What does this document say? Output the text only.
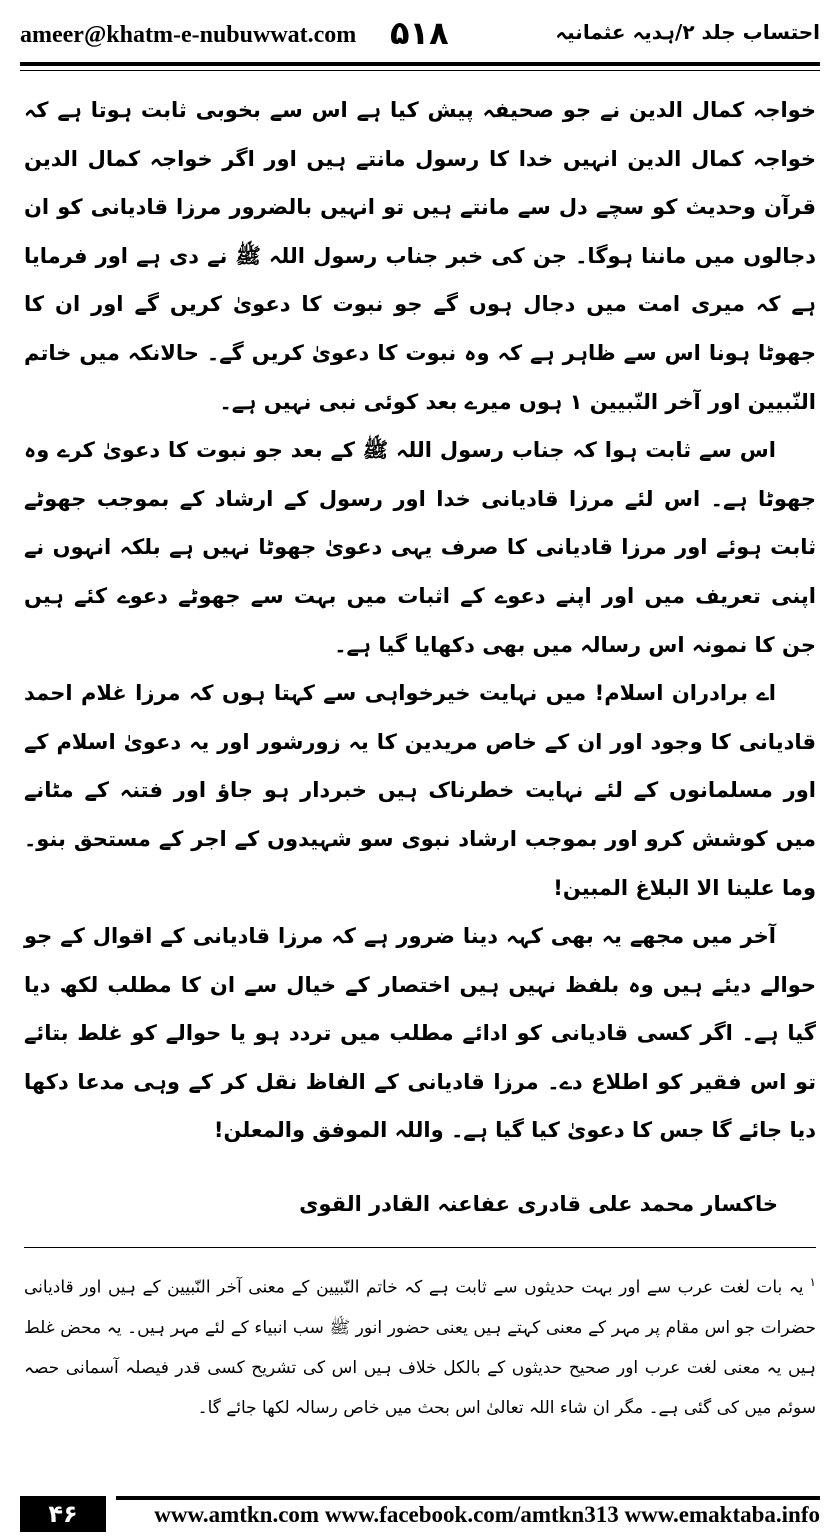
ameer@khatm-e-nubuwwat.com ۵۱۸	احتساب جلد ۲/ہدیہ عثمانیہ

خواجہ کمال الدین نے جو صحیفہ پیش کیا ہے اس سے بخوبی ثابت ہوتا ہے کہ خواجہ کمال الدین انہیں خدا کا رسول مانتے ہیں اور اگر خواجہ کمال الدین قرآن وحدیث کو سچے دل سے مانتے ہیں تو انہیں بالضرور مرزا قادیانی کو ان دجالوں میں ماننا ہوگا۔ جن کی خبر جناب رسول اللہ ﷺ نے دی ہے اور فرمایا ہے کہ میری امت میں دجال ہوں گے جو نبوت کا دعویٰ کریں گے اور ان کا جھوٹا ہونا اس سے ظاہر ہے کہ وہ نبوت کا دعویٰ کریں گے۔ حالانکہ میں خاتم النّبیین اور آخر النّبیین ۱ ہوں میرے بعد کوئی نبی نہیں ہے۔

اس سے ثابت ہوا کہ جناب رسول اللہ ﷺ کے بعد جو نبوت کا دعویٰ کرے وہ جھوٹا ہے۔ اس لئے مرزا قادیانی خدا اور رسول کے ارشاد کے بموجب جھوٹے ثابت ہوئے اور مرزا قادیانی کا صرف یہی دعویٰ جھوٹا نہیں ہے بلکہ انہوں نے اپنی تعریف میں اور اپنے دعوے کے اثبات میں بہت سے جھوٹے دعوے کئے ہیں جن کا نمونہ اس رسالہ میں بھی دکھایا گیا ہے۔

اے برادران اسلام! میں نہایت خیرخواہی سے کہتا ہوں کہ مرزا غلام احمد قادیانی کا وجود اور ان کے خاص مریدین کا یہ زورشور اور یہ دعویٰ اسلام کے اور مسلمانوں کے لئے نہایت خطرناک ہیں خبردار ہو جاؤ اور فتنہ کے مٹانے میں کوشش کرو اور بموجب ارشاد نبوی سو شہیدوں کے اجر کے مستحق بنو۔ وما علینا الا البلاغ المبین!

آخر میں مجھے یہ بھی کہہ دینا ضرور ہے کہ مرزا قادیانی کے اقوال کے جو حوالے دیئے ہیں وہ بلفظ نہیں ہیں اختصار کے خیال سے ان کا مطلب لکھ دیا گیا ہے۔ اگر کسی قادیانی کو ادائے مطلب میں تردد ہو یا حوالے کو غلط بتائے تو اس فقیر کو اطلاع دے۔ مرزا قادیانی کے الفاظ نقل کر کے وہی مدعا دکھا دیا جائے گا جس کا دعویٰ کیا گیا ہے۔ واللہ الموفق والمعلن!

خاکسار محمد علی قادری عفاعنہ القادر القوی

$^۱$یہ بات لغت عرب سے اور بہت حدیثوں سے ثابت ہے کہ خاتم النّبیین کے معنی آخر النّبیین کے ہیں اور قادیانی حضرات جو اس مقام پر مہر کے معنی کہتے ہیں یعنی حضور انور ﷺ سب انبیاء کے لئے مہر ہیں۔ یہ محض غلط ہیں یہ معنی لغت عرب اور صحیح حدیثوں کے بالکل خلاف ہیں اس کی تشریح کسی قدر فیصلہ آسمانی حصہ سوئم میں کی گئی ہے۔ مگر ان شاء اللہ تعالیٰ اس بحث میں خاص رسالہ لکھا جائے گا۔

۴۶	www.amtkn.com www.facebook.com/amtkn313 www.emaktaba.info
